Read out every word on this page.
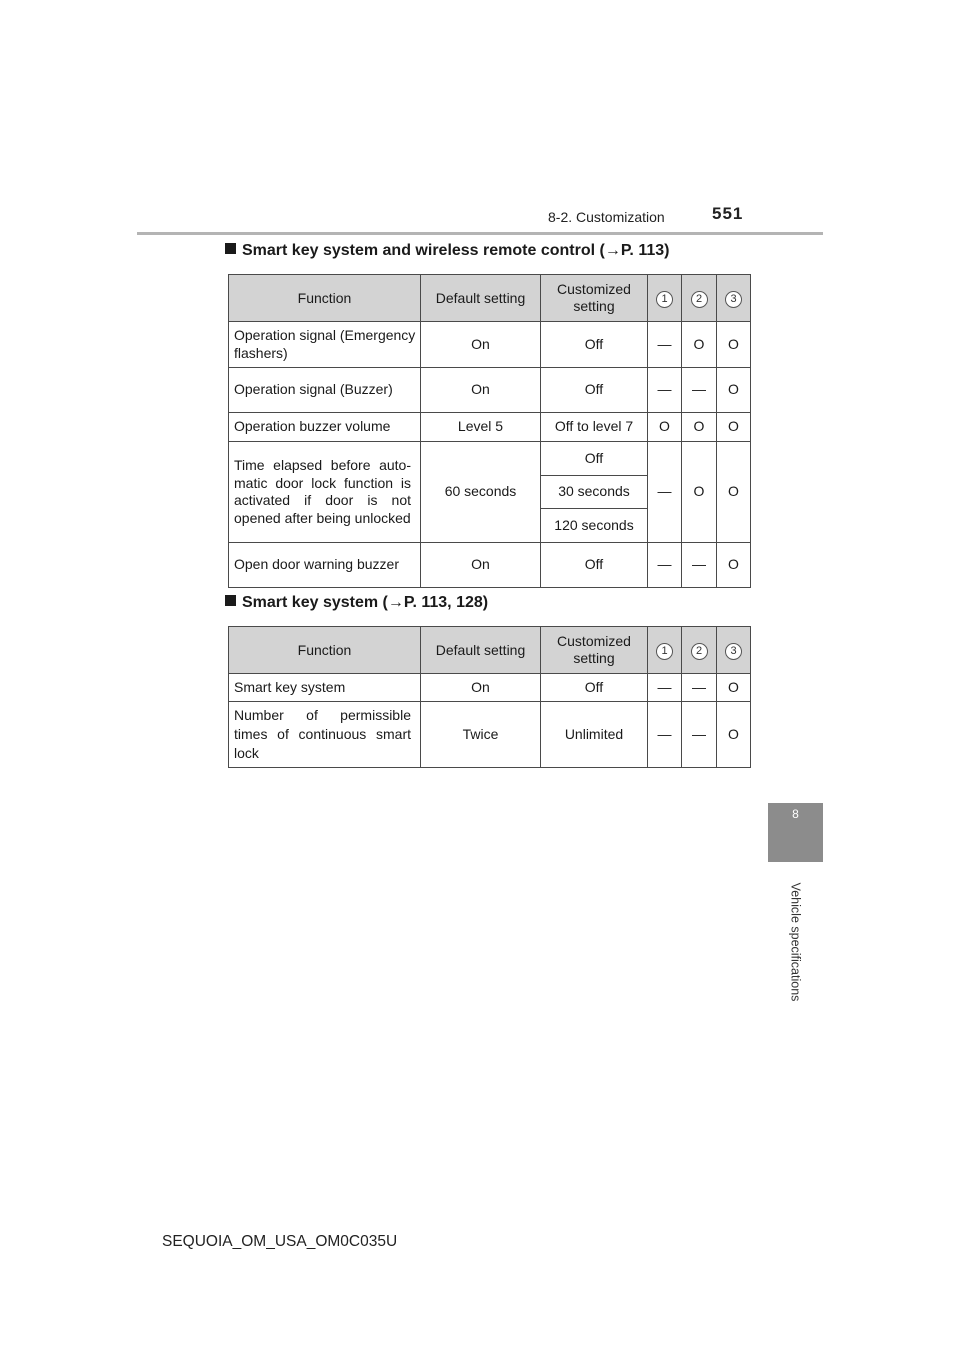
8-2. Customization	551
8
Vehicle specifications
Smart key system and wireless remote control (→P. 113)
Function	Default setting	Customized setting	1	2	3
Operation signal (Emergency flashers)	On	Off	—	O	O
Operation signal (Buzzer)	On	Off	—	—	O
Operation buzzer volume	Level 5	Off to level 7	O	O	O
Time elapsed before auto-matic door lock function is activated if door is not opened after being unlocked	60 seconds	Off	—	O	O
		30 seconds			
		120 seconds			
Open door warning buzzer	On	Off	—	—	O
Smart key system (→P. 113, 128)
Function	Default setting	Customized setting	1	2	3
Smart key system	On	Off	—	—	O
Number of permissible times of continuous smart lock	Twice	Unlimited	—	—	O
SEQUOIA_OM_USA_OM0C035U
